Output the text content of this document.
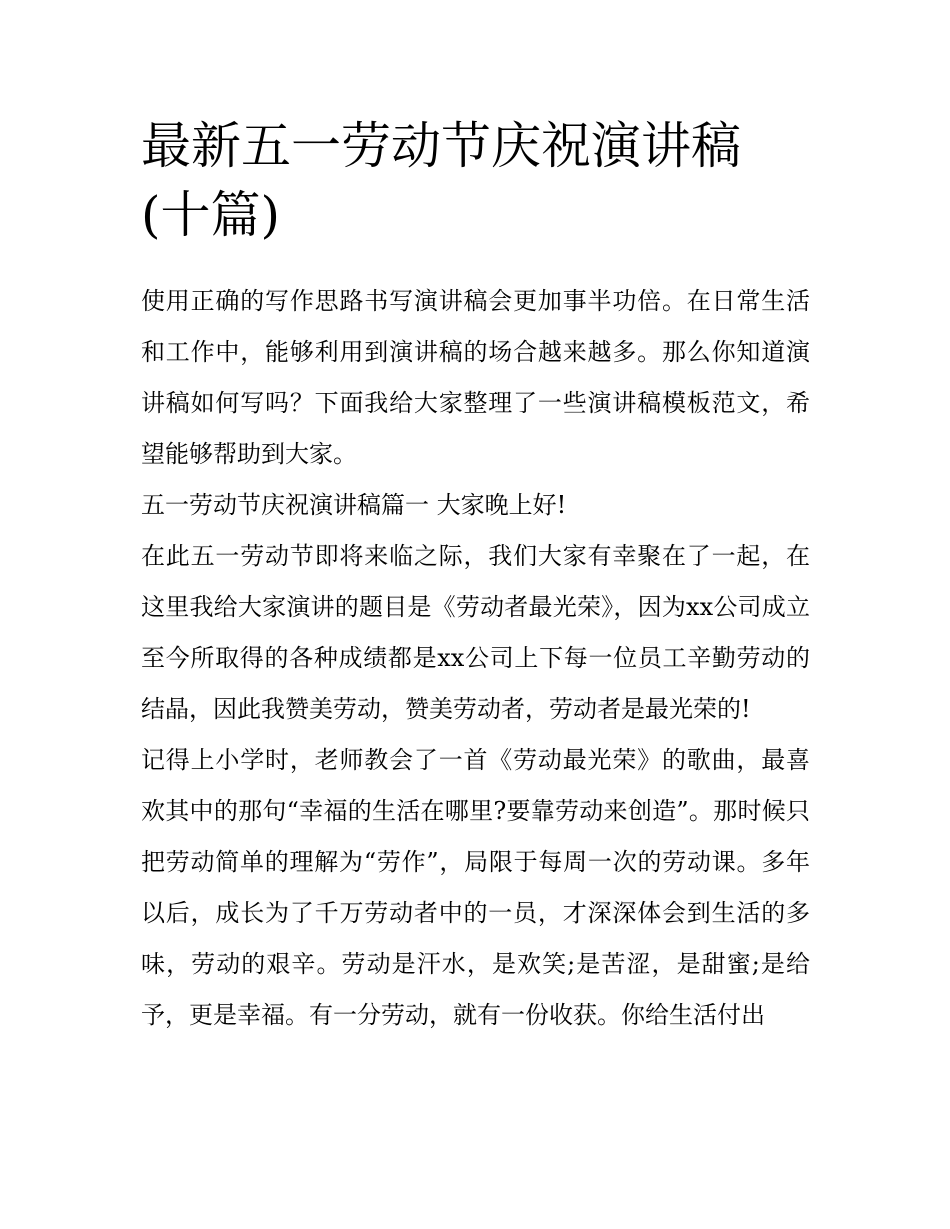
最新五一劳动节庆祝演讲稿(十篇)

使用正确的写作思路书写演讲稿会更加事半功倍。在日常生活和工作中，能够利用到演讲稿的场合越来越多。那么你知道演讲稿如何写吗？下面我给大家整理了一些演讲稿模板范文，希望能够帮助到大家。

五一劳动节庆祝演讲稿篇一 大家晚上好!

在此五一劳动节即将来临之际，我们大家有幸聚在了一起，在这里我给大家演讲的题目是《劳动者最光荣》，因为xx公司成立至今所取得的各种成绩都是xx公司上下每一位员工辛勤劳动的结晶，因此我赞美劳动，赞美劳动者，劳动者是最光荣的!

记得上小学时，老师教会了一首《劳动最光荣》的歌曲，最喜欢其中的那句“幸福的生活在哪里?要靠劳动来创造”。那时候只把劳动简单的理解为“劳作”，局限于每周一次的劳动课。多年以后，成长为了千万劳动者中的一员，才深深体会到生活的多味，劳动的艰辛。劳动是汗水，是欢笑;是苦涩，是甜蜜;是给予，更是幸福。有一分劳动，就有一份收获。你给生活付出
